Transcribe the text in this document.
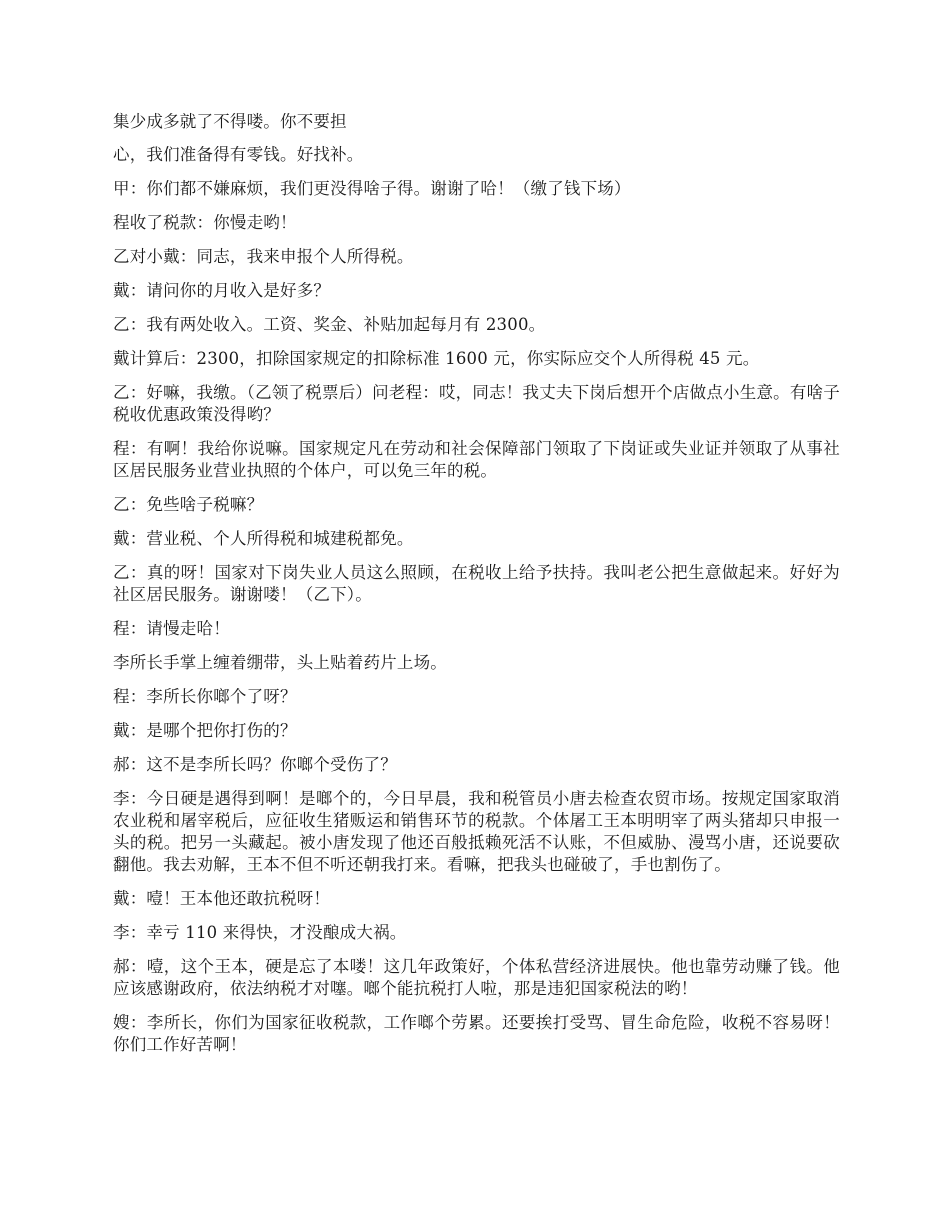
集少成多就了不得喽。你不要担

心，我们准备得有零钱。好找补。

甲：你们都不嫌麻烦，我们更没得啥子得。谢谢了哈！（缴了钱下场）

程收了税款：你慢走哟！

乙对小戴：同志，我来申报个人所得税。

戴：请问你的月收入是好多？

乙：我有两处收入。工资、奖金、补贴加起每月有 2300。

戴计算后：2300，扣除国家规定的扣除标准 1600 元，你实际应交个人所得税 45 元。

乙：好嘛，我缴。（乙领了税票后）问老程：哎，同志！我丈夫下岗后想开个店做点小生意。有啥子税收优惠政策没得哟？

程：有啊！我给你说嘛。国家规定凡在劳动和社会保障部门领取了下岗证或失业证并领取了从事社区居民服务业营业执照的个体户，可以免三年的税。

乙：免些啥子税嘛？

戴：营业税、个人所得税和城建税都免。

乙：真的呀！国家对下岗失业人员这么照顾，在税收上给予扶持。我叫老公把生意做起来。好好为社区居民服务。谢谢喽！（乙下）。

程：请慢走哈！

李所长手掌上缠着绷带，头上贴着药片上场。

程：李所长你啷个了呀？

戴：是哪个把你打伤的？

郝：这不是李所长吗？你啷个受伤了？

李：今日硬是遇得到啊！是啷个的，今日早晨，我和税管员小唐去检查农贸市场。按规定国家取消农业税和屠宰税后，应征收生猪贩运和销售环节的税款。个体屠工王本明明宰了两头猪却只申报一头的税。把另一头藏起。被小唐发现了他还百般抵赖死活不认账，不但威胁、漫骂小唐，还说要砍翻他。我去劝解，王本不但不听还朝我打来。看嘛，把我头也碰破了，手也割伤了。

戴：噎！王本他还敢抗税呀！

李：幸亏 110 来得快，才没酿成大祸。

郝：噎，这个王本，硬是忘了本喽！这几年政策好，个体私营经济进展快。他也靠劳动赚了钱。他应该感谢政府，依法纳税才对噻。啷个能抗税打人啦，那是违犯国家税法的哟！

嫂：李所长，你们为国家征收税款，工作啷个劳累。还要挨打受骂、冒生命危险，收税不容易呀！你们工作好苦啊！
